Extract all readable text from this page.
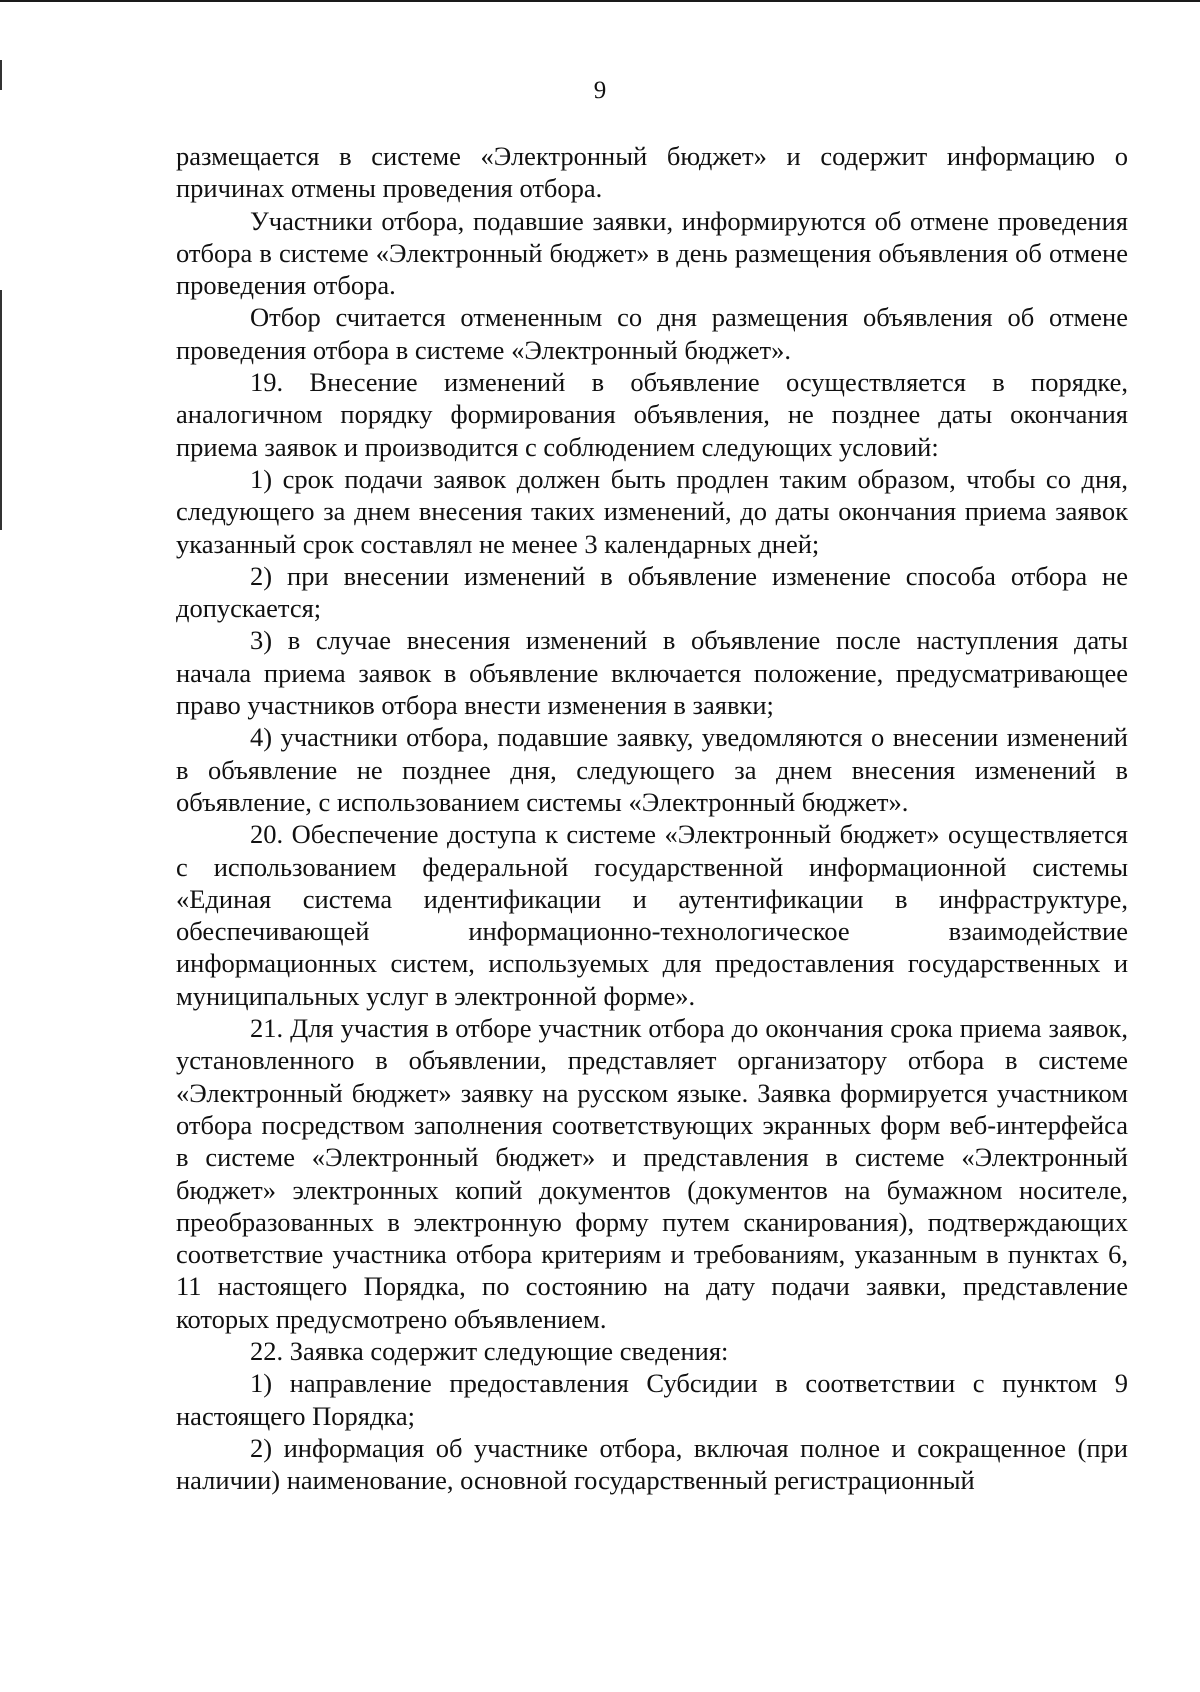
9

размещается в системе «Электронный бюджет» и содержит информацию о причинах отмены проведения отбора.

Участники отбора, подавшие заявки, информируются об отмене проведения отбора в системе «Электронный бюджет» в день размещения объявления об отмене проведения отбора.

Отбор считается отмененным со дня размещения объявления об отмене проведения отбора в системе «Электронный бюджет».

19. Внесение изменений в объявление осуществляется в порядке, аналогичном порядку формирования объявления, не позднее даты окончания приема заявок и производится с соблюдением следующих условий:

1) срок подачи заявок должен быть продлен таким образом, чтобы со дня, следующего за днем внесения таких изменений, до даты окончания приема заявок указанный срок составлял не менее 3 календарных дней;

2) при внесении изменений в объявление изменение способа отбора не допускается;

3) в случае внесения изменений в объявление после наступления даты начала приема заявок в объявление включается положение, предусматривающее право участников отбора внести изменения в заявки;

4) участники отбора, подавшие заявку, уведомляются о внесении изменений в объявление не позднее дня, следующего за днем внесения изменений в объявление, с использованием системы «Электронный бюджет».

20. Обеспечение доступа к системе «Электронный бюджет» осуществляется с использованием федеральной государственной информационной системы «Единая система идентификации и аутентификации в инфраструктуре, обеспечивающей информационно-технологическое взаимодействие информационных систем, используемых для предоставления государственных и муниципальных услуг в электронной форме».

21. Для участия в отборе участник отбора до окончания срока приема заявок, установленного в объявлении, представляет организатору отбора в системе «Электронный бюджет» заявку на русском языке. Заявка формируется участником отбора посредством заполнения соответствующих экранных форм веб-интерфейса в системе «Электронный бюджет» и представления в системе «Электронный бюджет» электронных копий документов (документов на бумажном носителе, преобразованных в электронную форму путем сканирования), подтверждающих соответствие участника отбора критериям и требованиям, указанным в пунктах 6, 11 настоящего Порядка, по состоянию на дату подачи заявки, представление которых предусмотрено объявлением.

22. Заявка содержит следующие сведения:

1) направление предоставления Субсидии в соответствии с пунктом 9 настоящего Порядка;

2) информация об участнике отбора, включая полное и сокращенное (при наличии) наименование, основной государственный регистрационный
